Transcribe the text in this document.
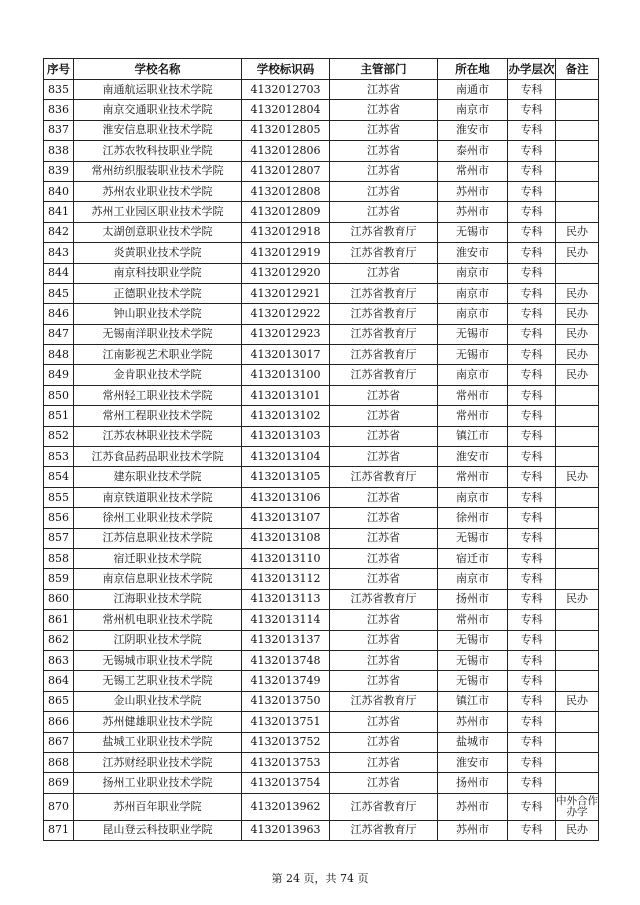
序号	学校名称	学校标识码	主管部门	所在地	办学层次	备注
835	南通航运职业技术学院	4132012703	江苏省	南通市	专科	
836	南京交通职业技术学院	4132012804	江苏省	南京市	专科	
837	淮安信息职业技术学院	4132012805	江苏省	淮安市	专科	
838	江苏农牧科技职业学院	4132012806	江苏省	泰州市	专科	
839	常州纺织服装职业技术学院	4132012807	江苏省	常州市	专科	
840	苏州农业职业技术学院	4132012808	江苏省	苏州市	专科	
841	苏州工业园区职业技术学院	4132012809	江苏省	苏州市	专科	
842	太湖创意职业技术学院	4132012918	江苏省教育厅	无锡市	专科	民办
843	炎黄职业技术学院	4132012919	江苏省教育厅	淮安市	专科	民办
844	南京科技职业学院	4132012920	江苏省	南京市	专科	
845	正德职业技术学院	4132012921	江苏省教育厅	南京市	专科	民办
846	钟山职业技术学院	4132012922	江苏省教育厅	南京市	专科	民办
847	无锡南洋职业技术学院	4132012923	江苏省教育厅	无锡市	专科	民办
848	江南影视艺术职业学院	4132013017	江苏省教育厅	无锡市	专科	民办
849	金肯职业技术学院	4132013100	江苏省教育厅	南京市	专科	民办
850	常州轻工职业技术学院	4132013101	江苏省	常州市	专科	
851	常州工程职业技术学院	4132013102	江苏省	常州市	专科	
852	江苏农林职业技术学院	4132013103	江苏省	镇江市	专科	
853	江苏食品药品职业技术学院	4132013104	江苏省	淮安市	专科	
854	建东职业技术学院	4132013105	江苏省教育厅	常州市	专科	民办
855	南京铁道职业技术学院	4132013106	江苏省	南京市	专科	
856	徐州工业职业技术学院	4132013107	江苏省	徐州市	专科	
857	江苏信息职业技术学院	4132013108	江苏省	无锡市	专科	
858	宿迁职业技术学院	4132013110	江苏省	宿迁市	专科	
859	南京信息职业技术学院	4132013112	江苏省	南京市	专科	
860	江海职业技术学院	4132013113	江苏省教育厅	扬州市	专科	民办
861	常州机电职业技术学院	4132013114	江苏省	常州市	专科	
862	江阴职业技术学院	4132013137	江苏省	无锡市	专科	
863	无锡城市职业技术学院	4132013748	江苏省	无锡市	专科	
864	无锡工艺职业技术学院	4132013749	江苏省	无锡市	专科	
865	金山职业技术学院	4132013750	江苏省教育厅	镇江市	专科	民办
866	苏州健雄职业技术学院	4132013751	江苏省	苏州市	专科	
867	盐城工业职业技术学院	4132013752	江苏省	盐城市	专科	
868	江苏财经职业技术学院	4132013753	江苏省	淮安市	专科	
869	扬州工业职业技术学院	4132013754	江苏省	扬州市	专科	
870	苏州百年职业学院	4132013962	江苏省教育厅	苏州市	专科	中外合作办学
871	昆山登云科技职业学院	4132013963	江苏省教育厅	苏州市	专科	民办
第 24 页，共 74 页
